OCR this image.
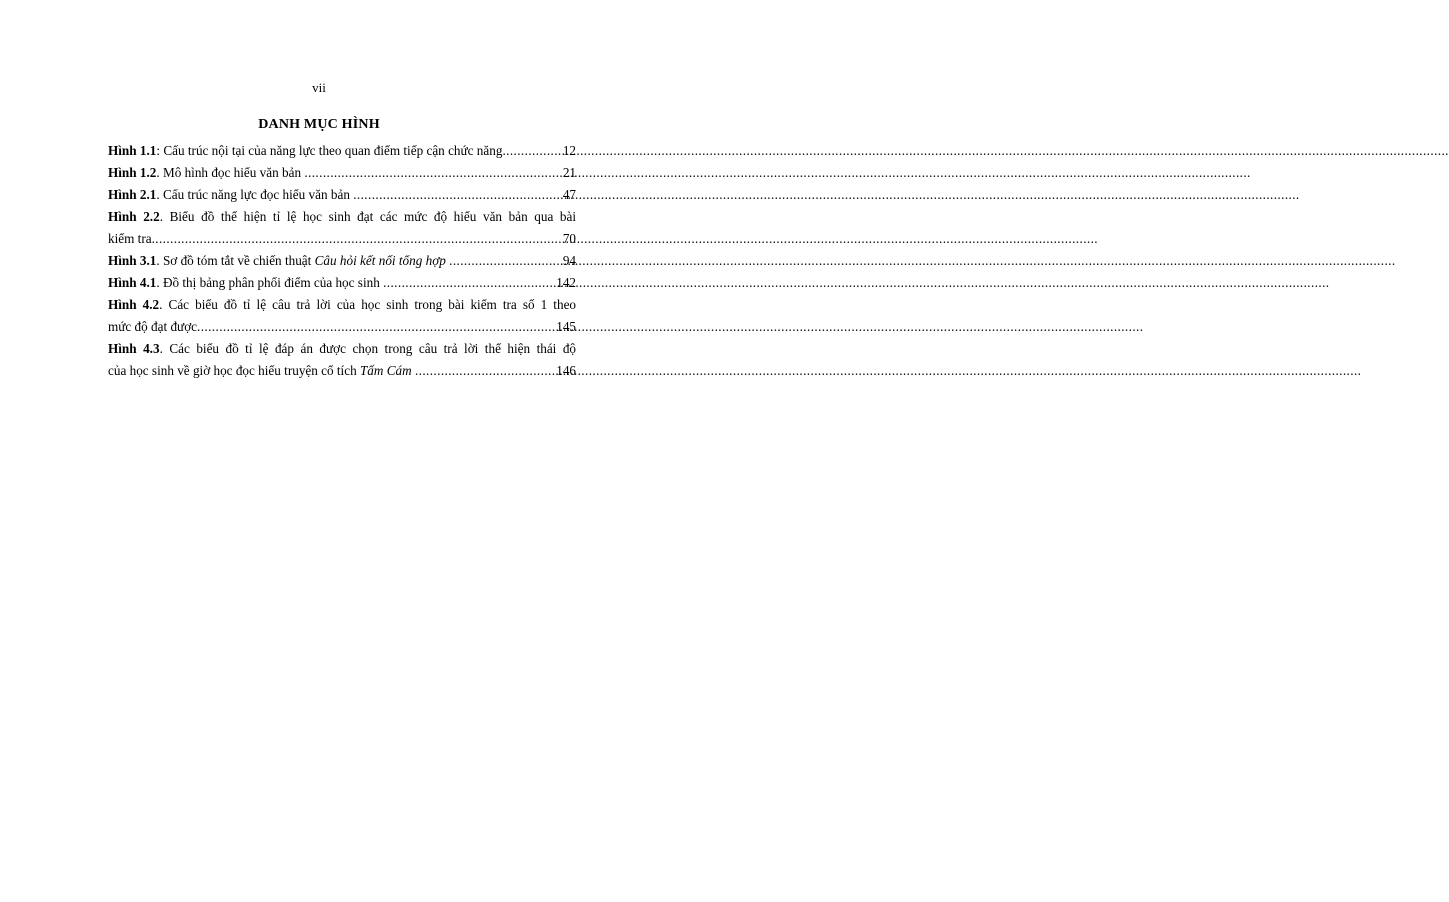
vii
DANH MỤC HÌNH
Hình 1.1 : Cấu trúc nội tại của năng lực theo quan điểm tiếp cận chức năng .....	12
Hình 1.2 . Mô hình đọc hiểu văn bản .....	21
Hình 2.1 . Cấu trúc năng lực đọc hiểu văn bản .....	47
Hình 2.2. Biểu đồ thể hiện tỉ lệ học sinh đạt các mức độ hiểu văn bản qua bài
kiểm tra .....	70
Hình 3.1 . Sơ đồ tóm tắt về chiến thuật Câu hỏi kết nối tổng hợp .....	94
Hình 4.1 . Đồ thị bảng phân phối điểm của học sinh .....	142
Hình 4.2. Các biểu đồ tỉ lệ câu trả lời của học sinh trong bài kiểm tra số 1 theo
mức độ đạt được .....	145
Hình 4.3. Các biểu đồ tỉ lệ đáp án được chọn trong câu trả lời thể hiện thái độ
của học sinh về giờ học đọc hiểu truyện cổ tích Tấm Cám .....	146
